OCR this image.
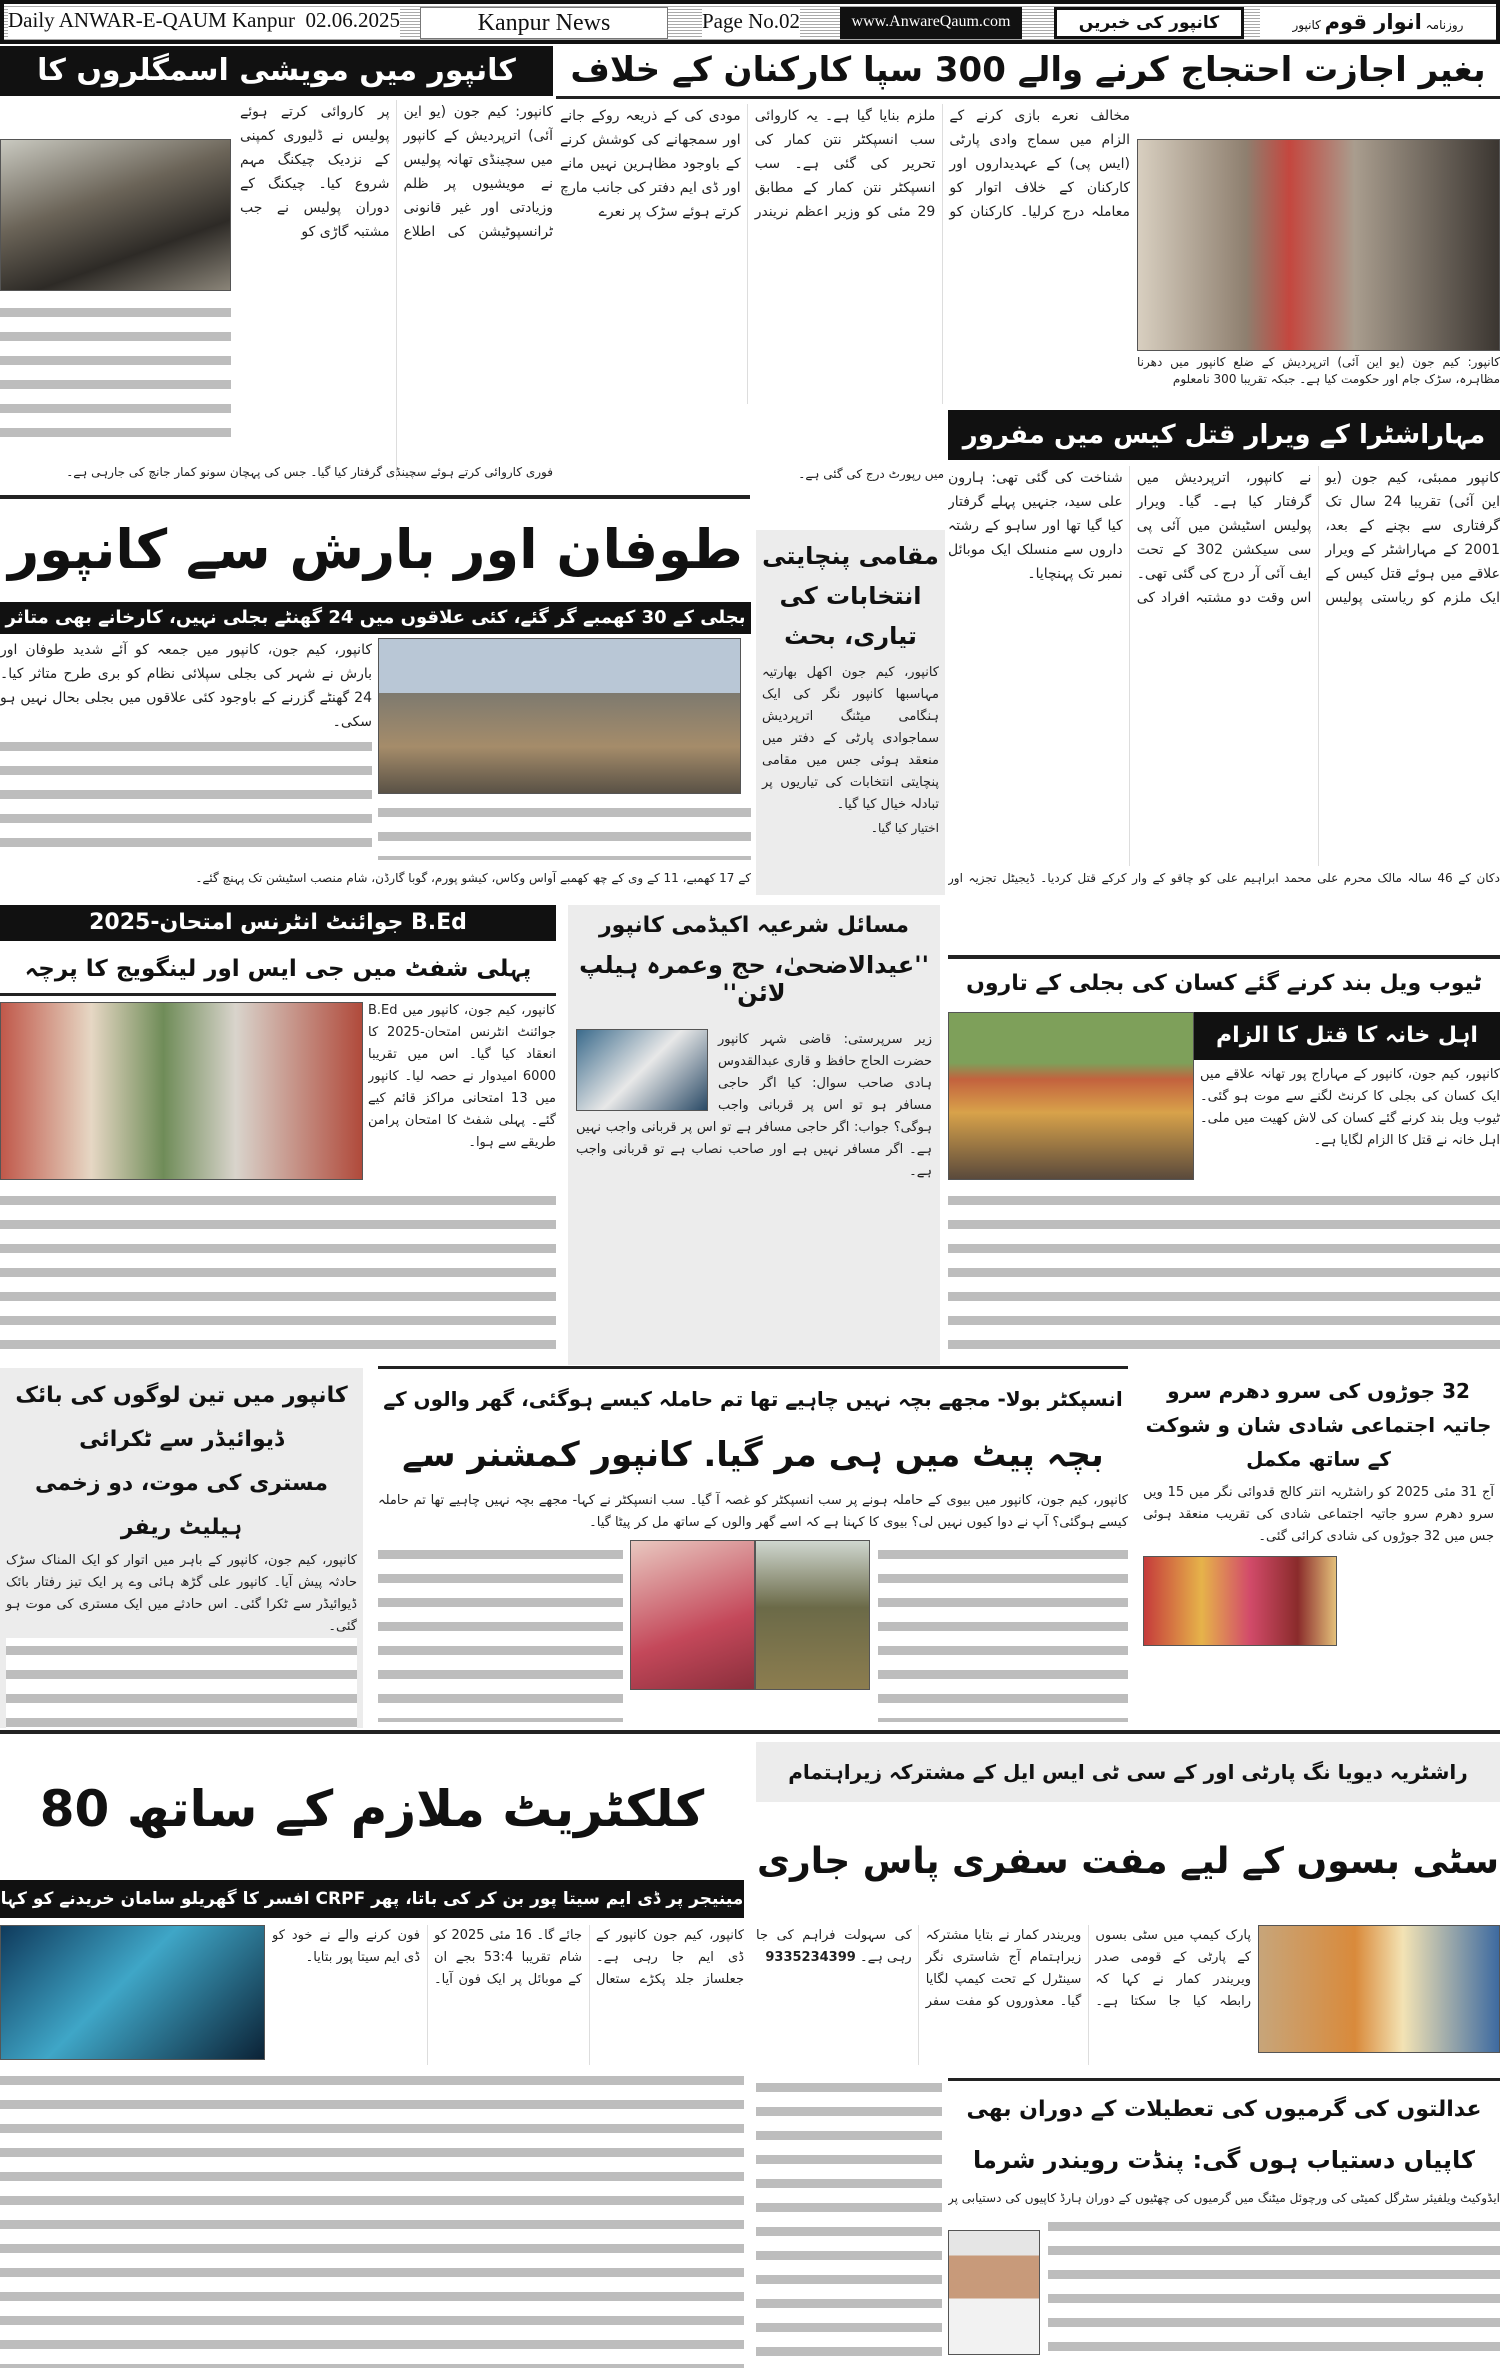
Daily ANWAR-E-QAUM Kanpur 02.06.2025	Kanpur News	Page No.02	www.AnwareQaum.com	کانپور کی خبریں	روزنامہ انوار قوم کانپور
کانپور میں مویشی اسمگلروں کا
کانپور: کیم جون (یو این آئی) اترپردیش کے کانپور میں سچینڈی تھانہ پولیس نے مویشیوں پر ظلم وزیادتی اور غیر قانونی ٹرانسپوٹیشن کی اطلاع پر کاروائی کرتے ہوئے پولیس نے ڈلیوری کمپنی کے نزدیک چیکنگ مہم شروع کیا۔ چیکنگ کے دوران پولیس نے جب مشتبہ گاڑی کو
فوری کاروائی کرتے ہوئے سچینڈی گرفتار کیا گیا۔ جس کی پہچان سونو کمار جانچ کی جارہی ہے۔
بغیر اجازت احتجاج کرنے والے 300 سپا کارکنان کے خلاف
مخالف نعرے بازی کرنے کے الزام میں سماج وادی پارٹی (ایس پی) کے عہدیداروں اور کارکنان کے خلاف اتوار کو معاملہ درج کرلیا۔ کارکنان کو ملزم بنایا گیا ہے۔ یہ کاروائی سب انسپکٹر نتن کمار کی تحریر کی گئی ہے۔ سب انسپکٹر نتن کمار کے مطابق 29 مئی کو وزیر اعظم نریندر مودی کی کے ذریعہ روکے جانے اور سمجھانے کی کوشش کرنے کے باوجود مظاہرین نہیں مانے اور ڈی ایم دفتر کی جانب مارچ کرتے ہوئے سڑک پر نعرے
کانپور: کیم جون (یو این آئی) اترپردیش کے ضلع کانپور میں دھرنا مظاہرہ، سڑک جام اور حکومت کیا ہے۔ جبکہ تقریبا 300 نامعلوم
مہاراشٹرا کے ویرار قتل کیس میں مفرور
کانپور ممبئی، کیم جون (یو این آئی) تقریبا 24 سال تک گرفتاری سے بچنے کے بعد، 2001 کے مہاراشٹر کے ویرار علاقے میں ہوئے قتل کیس کے ایک ملزم کو ریاستی پولیس نے کانپور، اترپردیش میں گرفتار کیا ہے۔ گیا۔ ویرار پولیس اسٹیشن میں آئی پی سی سیکشن 302 کے تحت ایف آئی آر درج کی گئی تھی۔ اس وقت دو مشتبہ افراد کی شناخت کی گئی تھی: ہارون علی سید، جنہیں پہلے گرفتار کیا گیا تھا اور ساہو کے رشتہ داروں سے منسلک ایک موبائل نمبر تک پہنچایا۔
دکان کے 46 سالہ مالک محرم علی محمد ابراہیم علی کو چاقو کے وار کرکے قتل کردیا۔ ڈیجیٹل تجزیہ اور
میں رپورٹ درج کی گئی ہے۔
طوفان اور بارش سے کانپور
بجلی کے 30 کھمبے گر گئے، کئی علاقوں میں 24 گھنٹے بجلی نہیں، کارخانے بھی متاثر
کانپور، کیم جون، کانپور میں جمعہ کو آئے شدید طوفان اور بارش نے شہر کی بجلی سپلائی نظام کو بری طرح متاثر کیا۔ 24 گھنٹے گزرنے کے باوجود کئی علاقوں میں بجلی بحال نہیں ہو سکی۔
کے 17 کھمبے، 11 کے وی کے چھ کھمبے آواس وکاس، کیشو پورم، گوبا گارڈن، شام منصب اسٹیشن تک پہنچ گئے۔
مقامی پنچایتی انتخابات کی تیاری، بحث
کانپور، کیم جون اکھل بھارتیہ مہاسبھا کانپور نگر کی ایک ہنگامی میٹنگ اترپردیش سماجوادی پارٹی کے دفتر میں منعقد ہوئی جس میں مقامی پنچایتی انتخابات کی تیاریوں پر تبادلہ خیال کیا گیا۔
اختیار کیا گیا۔
B.Ed جوائنٹ انٹرنس امتحان-2025
پہلی شفٹ میں جی ایس اور لینگویج کا پرچہ
کانپور، کیم جون، کانپور میں B.Ed جوائنٹ انٹرنس امتحان-2025 کا انعقاد کیا گیا۔ اس میں تقریبا 6000 امیدوار نے حصہ لیا۔ کانپور میں 13 امتحانی مراکز قائم کیے گئے۔ پہلی شفٹ کا امتحان پرامن طریقے سے ہوا۔
مسائل شرعیہ اکیڈمی کانپور
''عیدالاضحیٰ، حج وعمرہ ہیلپ لائن''
زیر سرپرستی: قاضی شہر کانپور حضرت الحاج حافظ و قاری عبدالقدوس ہادی صاحب سوال: کیا اگر حاجی مسافر ہو تو اس پر قربانی واجب ہوگی؟ جواب: اگر حاجی مسافر ہے تو اس پر قربانی واجب نہیں ہے۔ اگر مسافر نہیں ہے اور صاحب نصاب ہے تو قربانی واجب ہے۔
ٹیوب ویل بند کرنے گئے کسان کی بجلی کے تاروں
اہل خانہ کا قتل کا الزام
کانپور، کیم جون، کانپور کے مہاراج پور تھانہ علاقے میں ایک کسان کی بجلی کا کرنٹ لگنے سے موت ہو گئی۔ ٹیوب ویل بند کرنے گئے کسان کی لاش کھیت میں ملی۔ اہل خانہ نے قتل کا الزام لگایا ہے۔
کانپور میں تین لوگوں کی بائک ڈیوائیڈر سے ٹکرائی
مستری کی موت، دو زخمی ہیلیٹ ریفر
کانپور، کیم جون، کانپور کے باہر میں اتوار کو ایک المناک سڑک حادثہ پیش آیا۔ کانپور علی گڑھ ہائی وے پر ایک تیز رفتار بائک ڈیوائیڈر سے ٹکرا گئی۔ اس حادثے میں ایک مستری کی موت ہو گئی۔
انسپکٹر بولا- مجھے بچہ نہیں چاہیے تھا تم حاملہ کیسے ہوگئی، گھر والوں کے
بچہ پیٹ میں ہی مر گیا. کانپور کمشنر سے
کانپور، کیم جون، کانپور میں بیوی کے حاملہ ہونے پر سب انسپکٹر کو غصہ آ گیا۔ سب انسپکٹر نے کہا- مجھے بچہ نہیں چاہیے تھا تم حاملہ کیسے ہوگئی؟ آپ نے دوا کیوں نہیں لی؟ بیوی کا کہنا ہے کہ اسے گھر والوں کے ساتھ مل کر پیٹا گیا۔
32 جوڑوں کی سرو دھرم سرو جاتیہ اجتماعی شادی شان و شوکت کے ساتھ مکمل
آج 31 مئی 2025 کو راشٹریہ انتر کالج قدوائی نگر میں 15 ویں سرو دھرم سرو جاتیہ اجتماعی شادی کی تقریب منعقد ہوئی جس میں 32 جوڑوں کی شادی کرائی گئی۔
کلکٹریٹ ملازم کے ساتھ 80
مینیجر پر ڈی ایم سیتا پور بن کر کی باتا، پھر CRPF افسر کا گھریلو سامان خریدنے کو کہا
کانپور، کیم جون کانپور کے ڈی ایم جا رہی ہے۔ جعلساز جلد پکڑے ستعال جائے گا۔ 16 مئی 2025 کو شام تقریبا 53:4 بجے ان کے موبائل پر ایک فون آیا۔ فون کرنے والے نے خود کو ڈی ایم سیتا پور بتایا۔
راشٹریہ دیویا نگ پارٹی اور کے سی ٹی ایس ایل کے مشترکہ زیراہتمام
سٹی بسوں کے لیے مفت سفری پاس جاری
پارک کیمپ میں سٹی بسوں کے پارٹی کے قومی صدر ویریندر کمار نے کہا کہ رابطہ کیا جا سکتا ہے۔ ویریندر کمار نے بتایا مشترکہ زیراہتمام آج شاستری نگر سینٹرل کے تحت کیمپ لگایا گیا۔ معذوروں کو مفت سفر کی سہولت فراہم کی جا رہی ہے۔ 9335234399
عدالتوں کی گرمیوں کی تعطیلات کے دوران بھی
کاپیاں دستیاب ہوں گی: پنڈت رویندر شرما
ایڈوکیٹ ویلفیئر سٹرگل کمیٹی کی ورچوئل میٹنگ میں گرمیوں کی چھٹیوں کے دوران ہارڈ کاپیوں کی دستیابی پر
